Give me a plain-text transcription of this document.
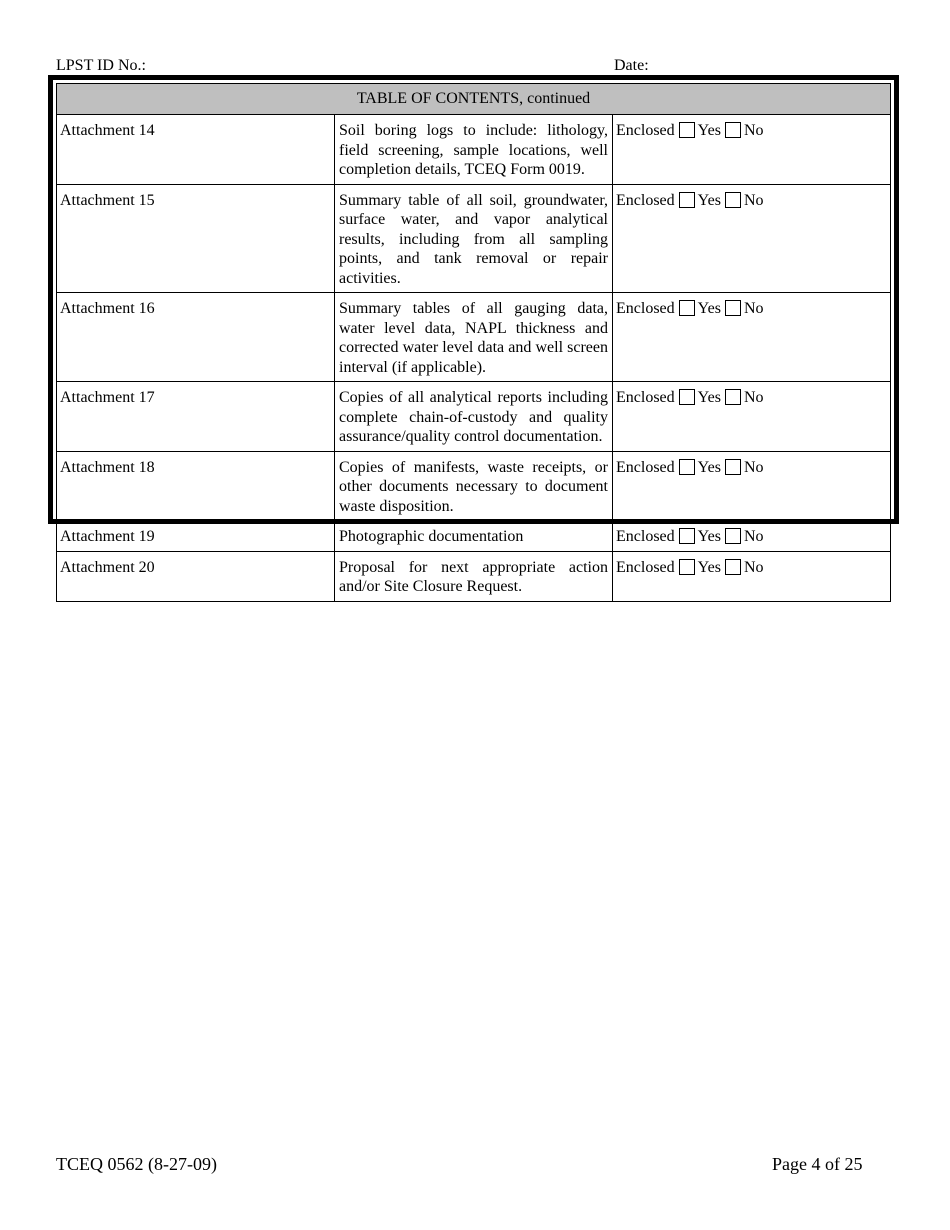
LPST ID No.:	Date:
TABLE OF CONTENTS, continued		
Attachment 14	Soil boring logs to include: lithology, field screening, sample locations, well completion details, TCEQ Form 0019.	Enclosed Yes No
Attachment 15	Summary table of all soil, groundwater, surface water, and vapor analytical results, including from all sampling points, and tank removal or repair activities.	Enclosed Yes No
Attachment 16	Summary tables of all gauging data, water level data, NAPL thickness and corrected water level data and well screen interval (if applicable).	Enclosed Yes No
Attachment 17	Copies of all analytical reports including complete chain-of-custody and quality assurance/quality control documentation.	Enclosed Yes No
Attachment 18	Copies of manifests, waste receipts, or other documents necessary to document waste disposition.	Enclosed Yes No
Attachment 19	Photographic documentation	Enclosed Yes No
Attachment 20	Proposal for next appropriate action and/or Site Closure Request.	Enclosed Yes No
TCEQ 0562 (8-27-09)	Page 4 of 25
